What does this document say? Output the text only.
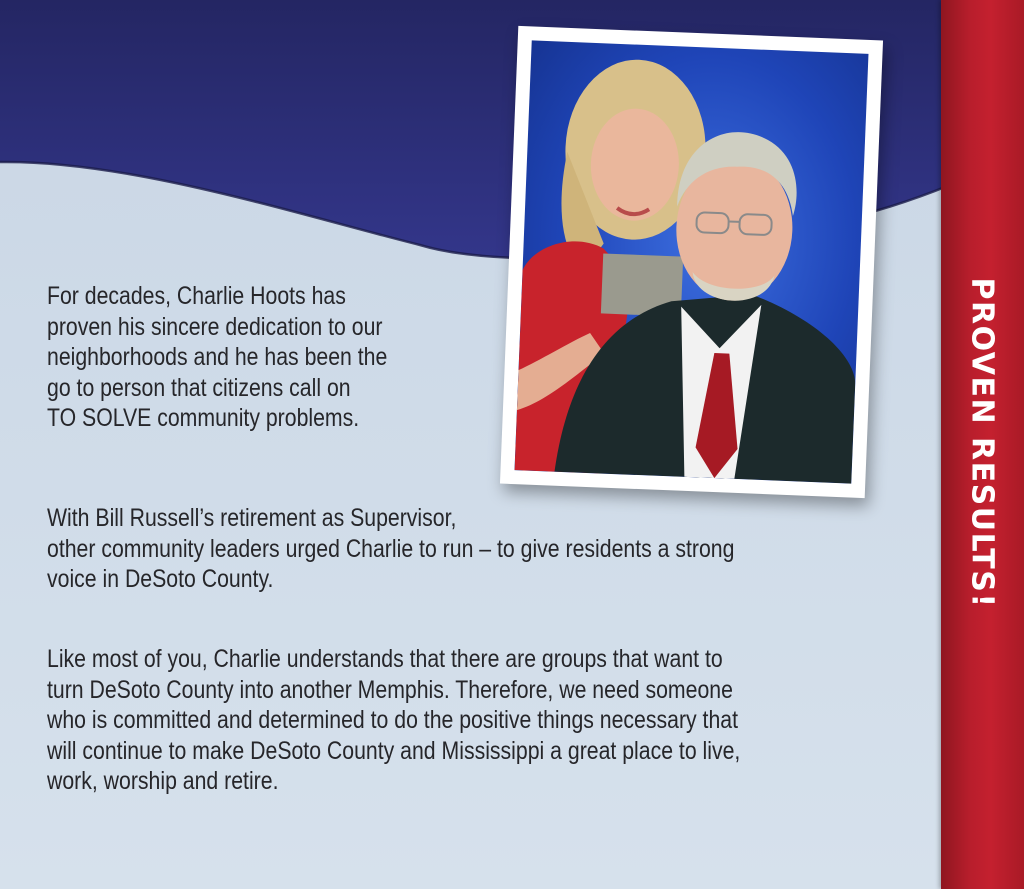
PROVEN RESULTS!

For decades, Charlie Hoots has
proven his sincere dedication to our
neighborhoods and he has been the
go to person that citizens call on
TO SOLVE community problems.

With Bill Russell’s retirement as Supervisor,
other community leaders urged Charlie to run – to give residents a strong
voice in DeSoto County.

Like most of you, Charlie understands that there are groups that want to
turn DeSoto County into another Memphis. Therefore, we need someone
who is committed and determined to do the positive things necessary that
will continue to make DeSoto County and Mississippi a great place to live,
work, worship and retire.
